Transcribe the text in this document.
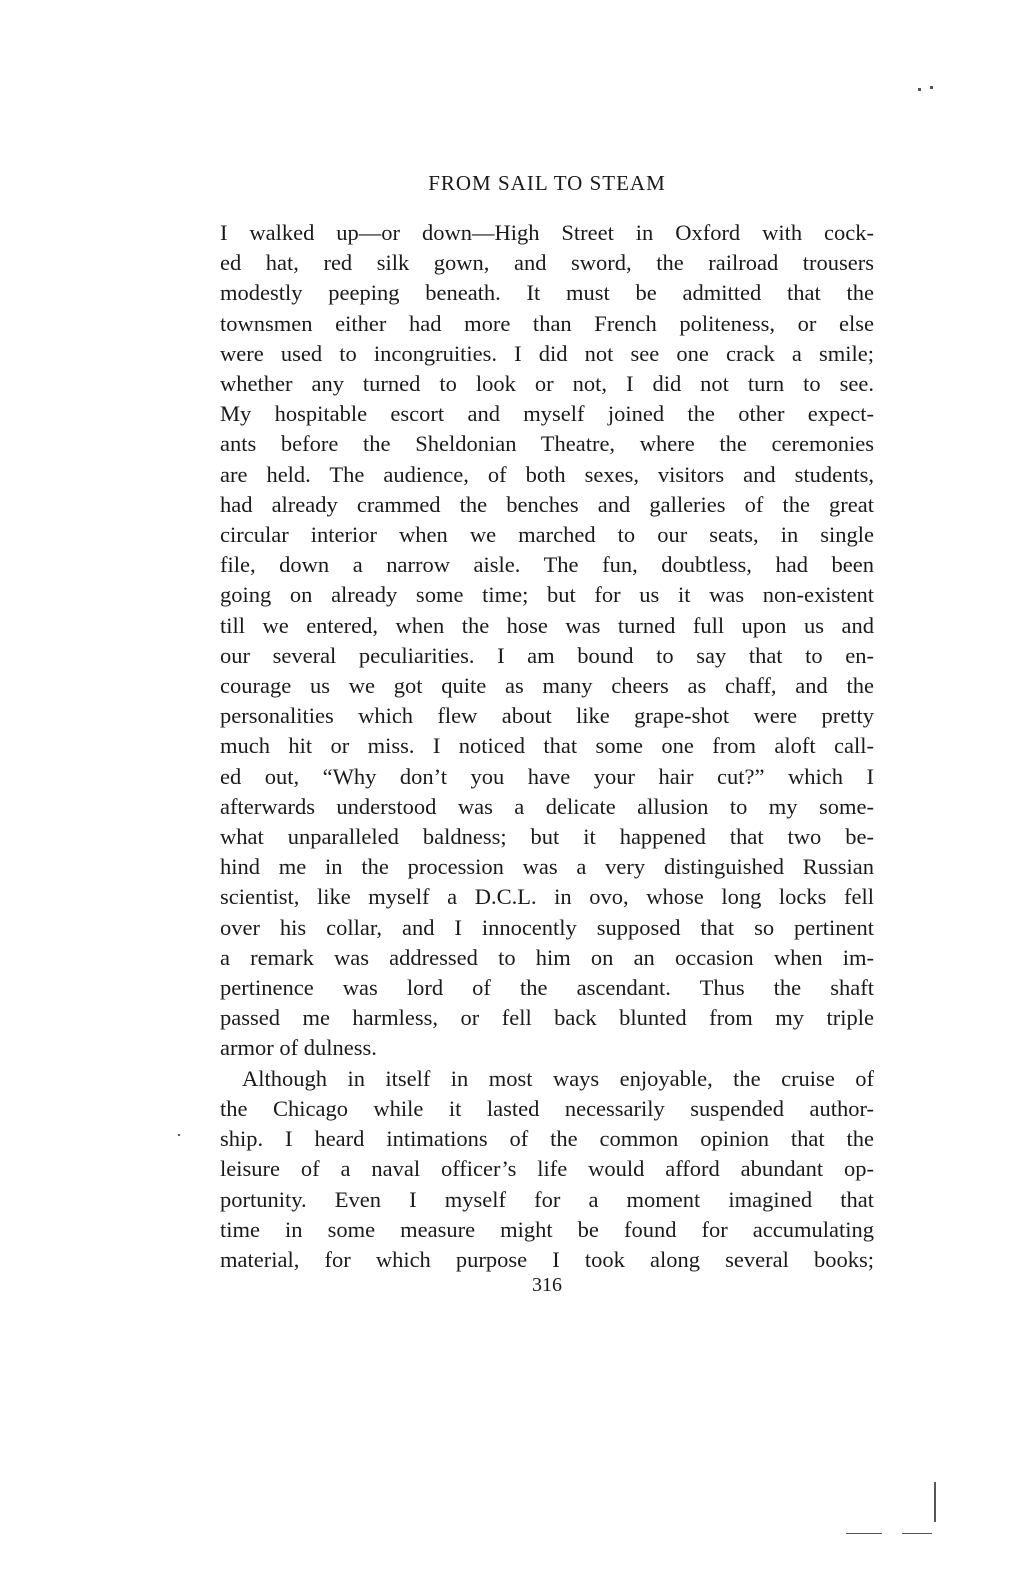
FROM SAIL TO STEAM
I walked up—or down—High Street in Oxford with cock-
ed hat, red silk gown, and sword, the railroad trousers
modestly peeping beneath. It must be admitted that the
townsmen either had more than French politeness, or else
were used to incongruities. I did not see one crack a smile;
whether any turned to look or not, I did not turn to see.
My hospitable escort and myself joined the other expect-
ants before the Sheldonian Theatre, where the ceremonies
are held. The audience, of both sexes, visitors and students,
had already crammed the benches and galleries of the great
circular interior when we marched to our seats, in single
file, down a narrow aisle. The fun, doubtless, had been
going on already some time; but for us it was non-existent
till we entered, when the hose was turned full upon us and
our several peculiarities. I am bound to say that to en-
courage us we got quite as many cheers as chaff, and the
personalities which flew about like grape-shot were pretty
much hit or miss. I noticed that some one from aloft call-
ed out, “Why don’t you have your hair cut?” which I
afterwards understood was a delicate allusion to my some-
what unparalleled baldness; but it happened that two be-
hind me in the procession was a very distinguished Russian
scientist, like myself a D.C.L. in ovo, whose long locks fell
over his collar, and I innocently supposed that so pertinent
a remark was addressed to him on an occasion when im-
pertinence was lord of the ascendant. Thus the shaft
passed me harmless, or fell back blunted from my triple
armor of dulness.
Although in itself in most ways enjoyable, the cruise of
the Chicago while it lasted necessarily suspended author-
ship. I heard intimations of the common opinion that the
leisure of a naval officer’s life would afford abundant op-
portunity. Even I myself for a moment imagined that
time in some measure might be found for accumulating
material, for which purpose I took along several books;
316
